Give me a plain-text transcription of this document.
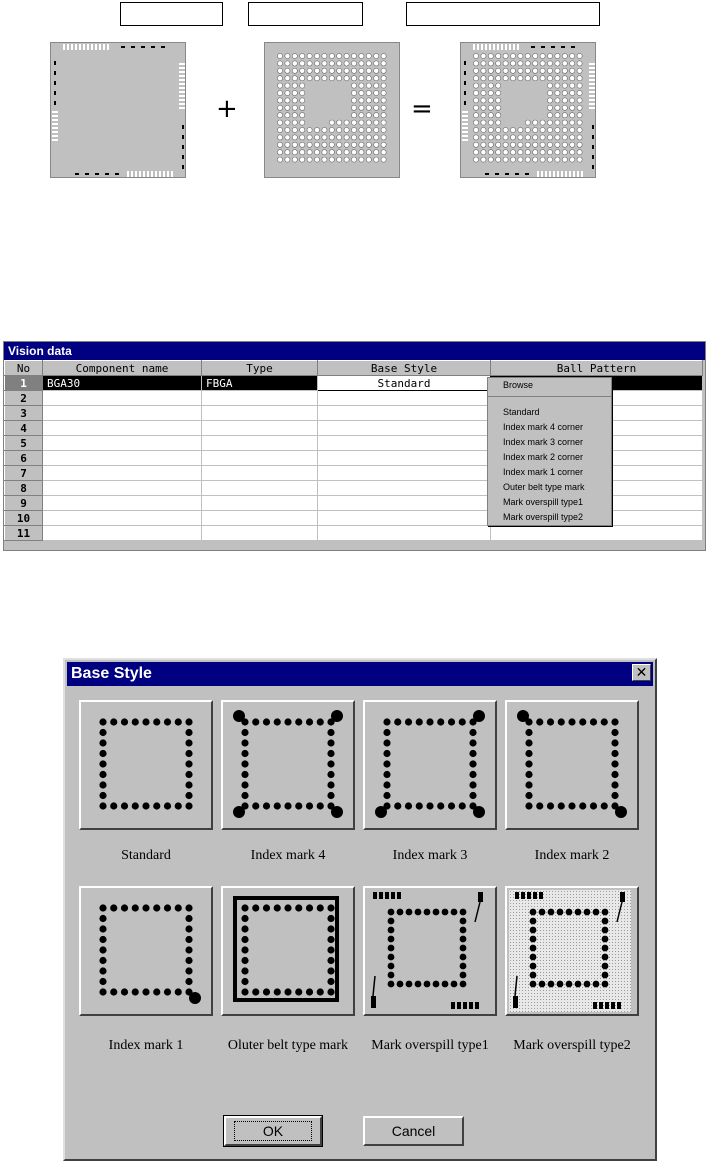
+	=
Vision data
No	Component name	Type	Base Style	Ball Pattern
1	BGA30	FBGA	Standard	
2				
3				
4				
5				
6				
7				
8				
9				
10				
11				
Browse
Standard
Index mark 4 corner
Index mark 3 corner
Index mark 2 corner
Index mark 1 corner
Outer belt type mark
Mark overspill type1
Mark overspill type2
Base Style	✕
Standard	Index mark 4	Index mark 3	Index mark 2
Index mark 1	Oluter belt type mark	Mark overspill type1	Mark overspill type2
OK	Cancel
